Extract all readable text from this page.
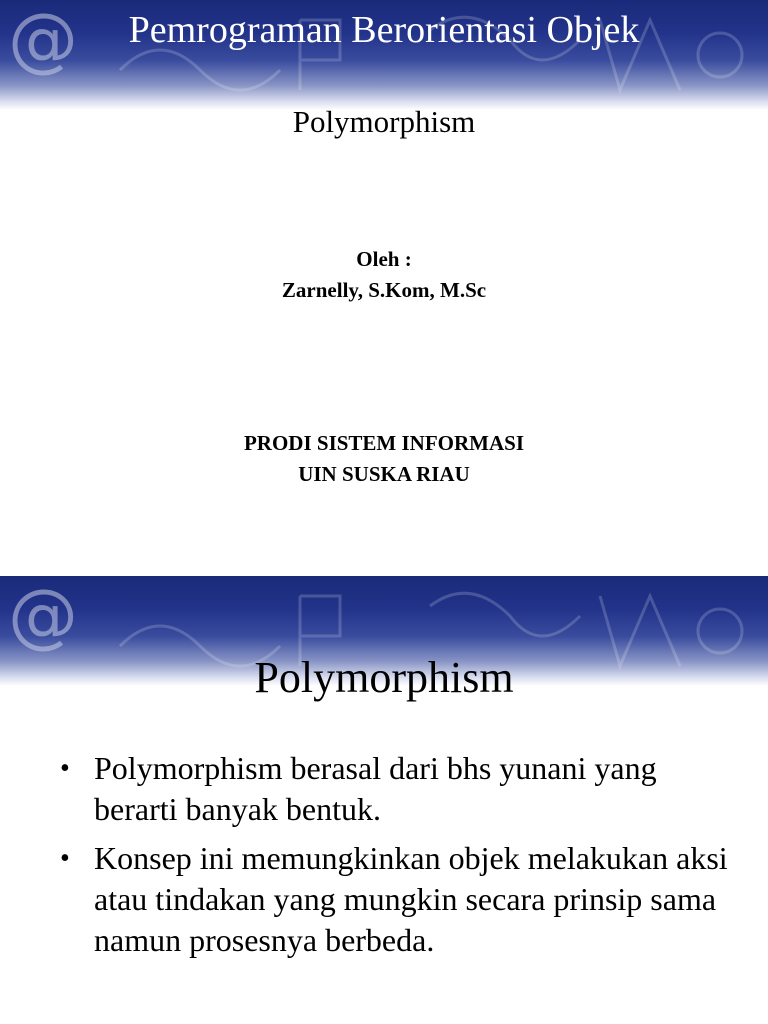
@	Pemrograman Berorientasi Objek
Polymorphism
Oleh :
Zarnelly, S.Kom, M.Sc
PRODI SISTEM INFORMASI
UIN SUSKA RIAU
@
Polymorphism
• Polymorphism berasal dari bhs yunani yang berarti banyak bentuk.
• Konsep ini memungkinkan objek melakukan aksi atau tindakan yang mungkin secara prinsip sama namun prosesnya berbeda.
